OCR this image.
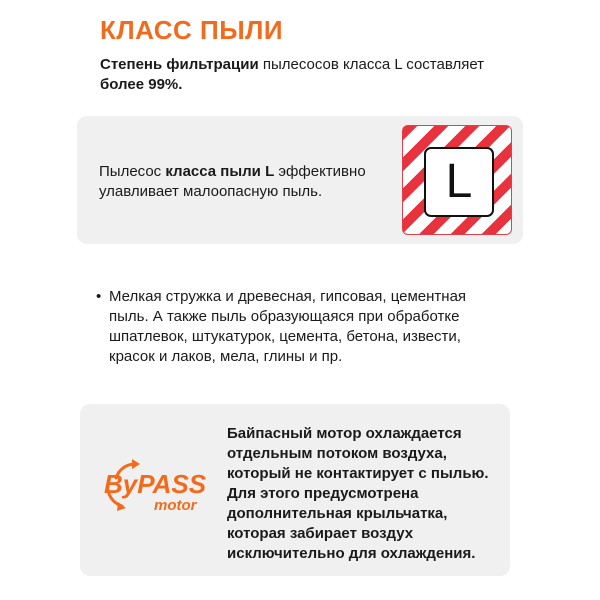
КЛАСС ПЫЛИ
Степень фильтрации пылесосов класса L составляет более 99%.
Пылесос класса пыли L эффективно улавливает малоопасную пыль.	L
• Мелкая стружка и древесная, гипсовая, цементная пыль. А также пыль образующаяся при обработке шпатлевок, штукатурок, цемента, бетона, извести, красок и лаков, мела, глины и пр.
ByPASS
motor
Байпасный мотор охлаждается отдельным потоком воздуха, который не контактирует с пылью. Для этого предусмотрена дополнительная крыльчатка, которая забирает воздух исключительно для охлаждения.
